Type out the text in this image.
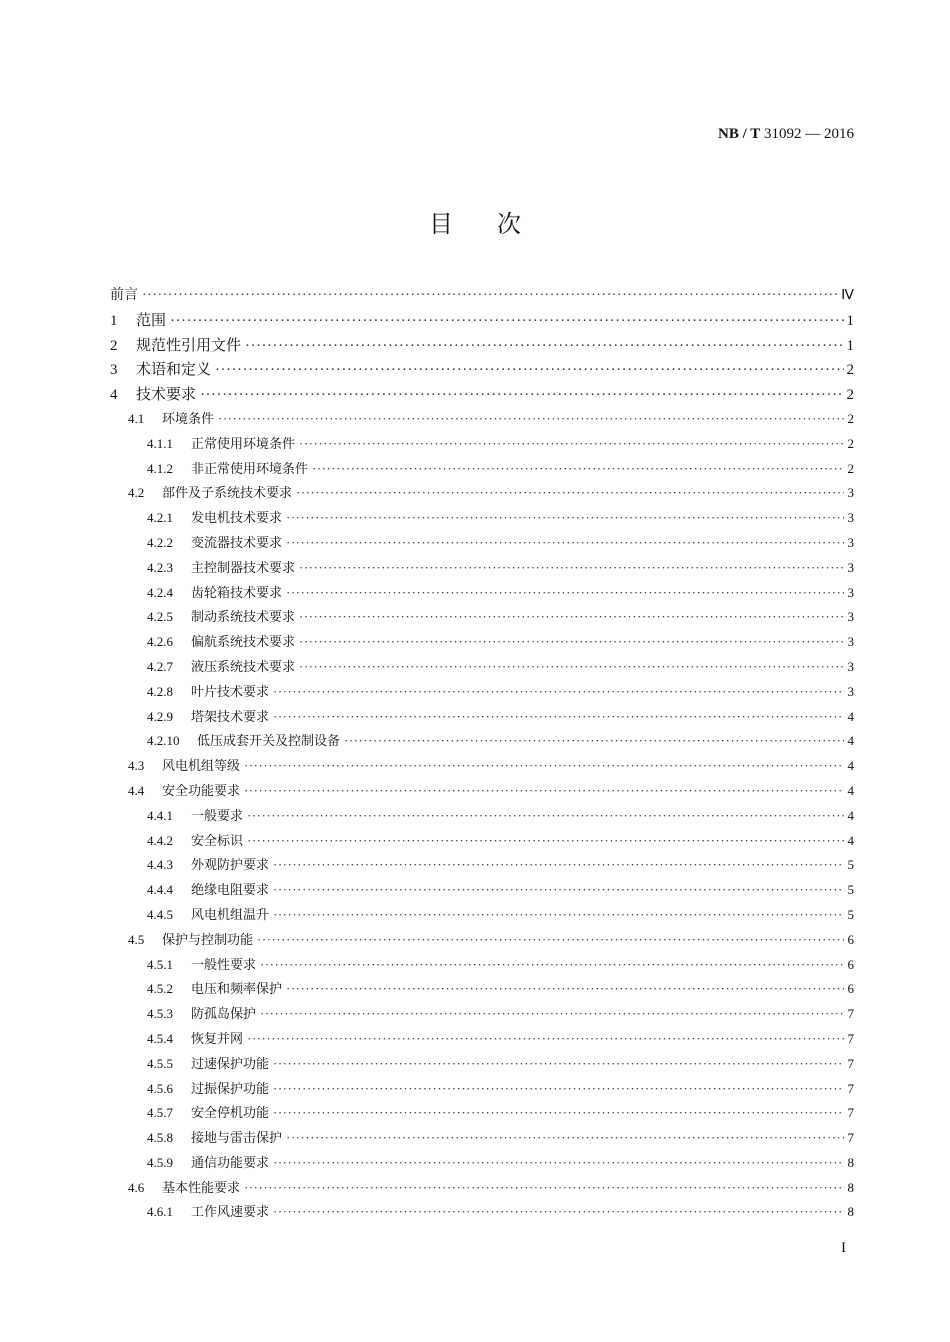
NB / T 31092 — 2016
目次
前言 ·····	Ⅳ
1	范围 ·····	1
2	规范性引用文件 ·····	1
3	术语和定义 ·····	2
4	技术要求 ·····	2
4.1	环境条件 ·····	2
4.1.1	正常使用环境条件 ·····	2
4.1.2	非正常使用环境条件 ·····	2
4.2	部件及子系统技术要求 ·····	3
4.2.1	发电机技术要求 ·····	3
4.2.2	变流器技术要求 ·····	3
4.2.3	主控制器技术要求 ·····	3
4.2.4	齿轮箱技术要求 ·····	3
4.2.5	制动系统技术要求 ·····	3
4.2.6	偏航系统技术要求 ·····	3
4.2.7	液压系统技术要求 ·····	3
4.2.8	叶片技术要求 ·····	3
4.2.9	塔架技术要求 ·····	4
4.2.10	低压成套开关及控制设备 ·····	4
4.3	风电机组等级 ·····	4
4.4	安全功能要求 ·····	4
4.4.1	一般要求 ·····	4
4.4.2	安全标识 ·····	4
4.4.3	外观防护要求 ·····	5
4.4.4	绝缘电阻要求 ·····	5
4.4.5	风电机组温升 ·····	5
4.5	保护与控制功能 ·····	6
4.5.1	一般性要求 ·····	6
4.5.2	电压和频率保护 ·····	6
4.5.3	防孤岛保护 ·····	7
4.5.4	恢复并网 ·····	7
4.5.5	过速保护功能 ·····	7
4.5.6	过振保护功能 ·····	7
4.5.7	安全停机功能 ·····	7
4.5.8	接地与雷击保护 ·····	7
4.5.9	通信功能要求 ·····	8
4.6	基本性能要求 ·····	8
4.6.1	工作风速要求 ·····	8
I
